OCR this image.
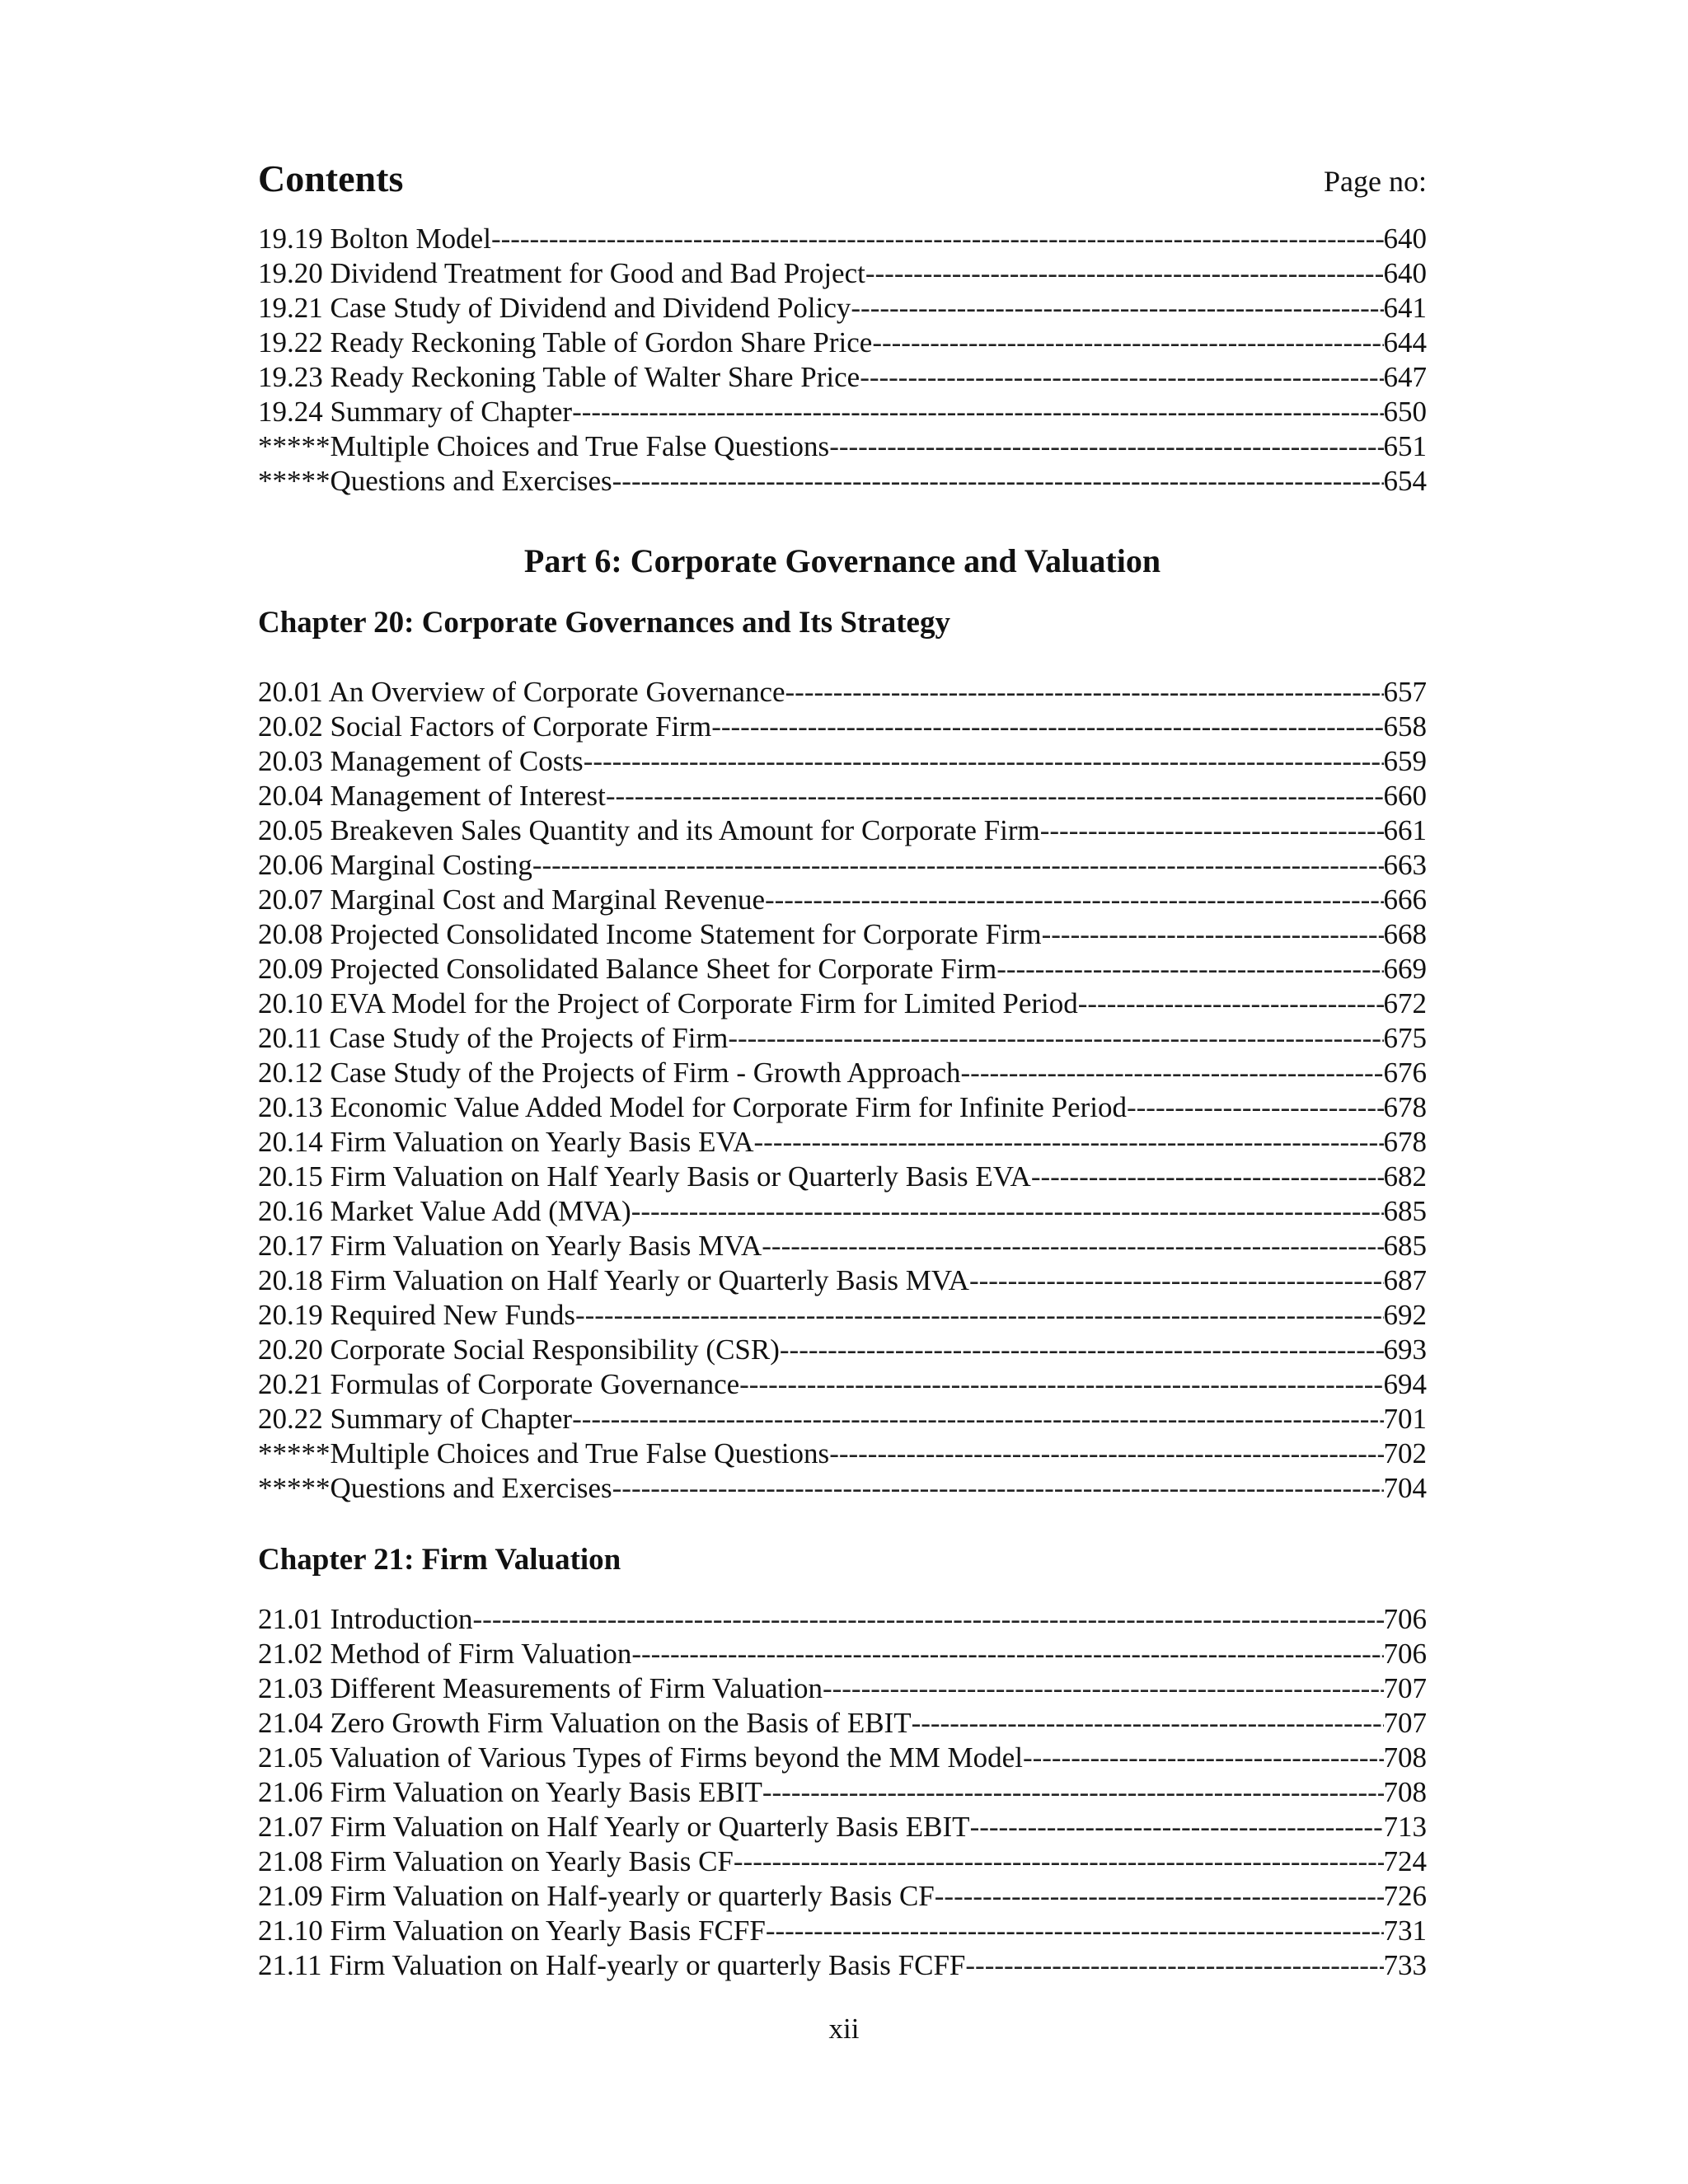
Contents	Page no:
19.19 Bolton Model -----	640
19.20 Dividend Treatment for Good and Bad Project -----	640
19.21 Case Study of Dividend and Dividend Policy -----	641
19.22 Ready Reckoning Table of Gordon Share Price -----	644
19.23 Ready Reckoning Table of Walter Share Price -----	647
19.24 Summary of Chapter -----	650
*****Multiple Choices and True False Questions -----	651
*****Questions and Exercises -----	654
Part 6: Corporate Governance and Valuation
Chapter 20: Corporate Governances and Its Strategy
20.01 An Overview of Corporate Governance -----	657
20.02 Social Factors of Corporate Firm -----	658
20.03 Management of Costs -----	659
20.04 Management of Interest -----	660
20.05 Breakeven Sales Quantity and its Amount for Corporate Firm -----	661
20.06 Marginal Costing -----	663
20.07 Marginal Cost and Marginal Revenue -----	666
20.08 Projected Consolidated Income Statement for Corporate Firm -----	668
20.09 Projected Consolidated Balance Sheet for Corporate Firm -----	669
20.10 EVA Model for the Project of Corporate Firm for Limited Period -----	672
20.11 Case Study of the Projects of Firm -----	675
20.12 Case Study of the Projects of Firm - Growth Approach -----	676
20.13 Economic Value Added Model for Corporate Firm for Infinite Period -----	678
20.14 Firm Valuation on Yearly Basis EVA -----	678
20.15 Firm Valuation on Half Yearly Basis or Quarterly Basis EVA -----	682
20.16 Market Value Add (MVA) -----	685
20.17 Firm Valuation on Yearly Basis MVA -----	685
20.18 Firm Valuation on Half Yearly or Quarterly Basis MVA -----	687
20.19 Required New Funds -----	692
20.20 Corporate Social Responsibility (CSR) -----	693
20.21 Formulas of Corporate Governance -----	694
20.22 Summary of Chapter -----	701
*****Multiple Choices and True False Questions -----	702
*****Questions and Exercises -----	704
Chapter 21: Firm Valuation
21.01 Introduction -----	706
21.02 Method of Firm Valuation -----	706
21.03 Different Measurements of Firm Valuation -----	707
21.04 Zero Growth Firm Valuation on the Basis of EBIT -----	707
21.05 Valuation of Various Types of Firms beyond the MM Model -----	708
21.06 Firm Valuation on Yearly Basis EBIT -----	708
21.07 Firm Valuation on Half Yearly or Quarterly Basis EBIT -----	713
21.08 Firm Valuation on Yearly Basis CF -----	724
21.09 Firm Valuation on Half-yearly or quarterly Basis CF -----	726
21.10 Firm Valuation on Yearly Basis FCFF -----	731
21.11 Firm Valuation on Half-yearly or quarterly Basis FCFF -----	733
xii
